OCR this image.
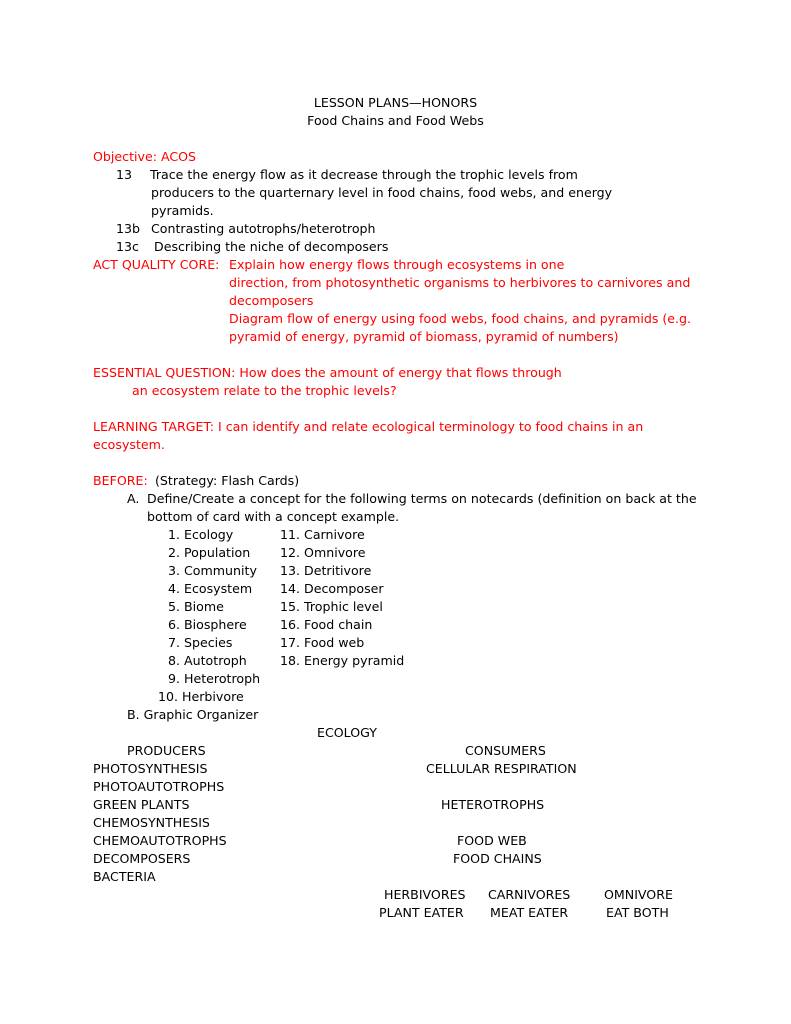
LESSON PLANS—HONORS
Food Chains and Food Webs
Objective: ACOS
13 Trace the energy flow as it decrease through the trophic levels from
producers to the quarternary level in food chains, food webs, and energy
pyramids.
13b Contrasting autotrophs/heterotroph
13c Describing the niche of decomposers
ACT QUALITY CORE: Explain how energy flows through ecosystems in one
direction, from photosynthetic organisms to herbivores to carnivores and
decomposers
Diagram flow of energy using food webs, food chains, and pyramids (e.g.
pyramid of energy, pyramid of biomass, pyramid of numbers)
ESSENTIAL QUESTION: How does the amount of energy that flows through
an ecosystem relate to the trophic levels?
LEARNING TARGET: I can identify and relate ecological terminology to food chains in an
ecosystem.
BEFORE: (Strategy: Flash Cards)
A. Define/Create a concept for the following terms on notecards (definition on back at the
bottom of card with a concept example.
1. Ecology
2. Population
3. Community
4. Ecosystem
5. Biome
6. Biosphere
7. Species
8. Autotroph
9. Heterotroph
10. Herbivore
11. Carnivore
12. Omnivore
13. Detritivore
14. Decomposer
15. Trophic level
16. Food chain
17. Food web
18. Energy pyramid
B. Graphic Organizer
ECOLOGY
PRODUCERS	CONSUMERS
PHOTOSYNTHESIS
PHOTOAUTOTROPHS
GREEN PLANTS
CHEMOSYNTHESIS
CHEMOAUTOTROPHS
DECOMPOSERS
BACTERIA
CELLULAR RESPIRATION
HETEROTROPHS
FOOD WEB
FOOD CHAINS
HERBIVORES CARNIVORES	OMNIVORE
PLANT EATER MEAT EATER	EAT BOTH
